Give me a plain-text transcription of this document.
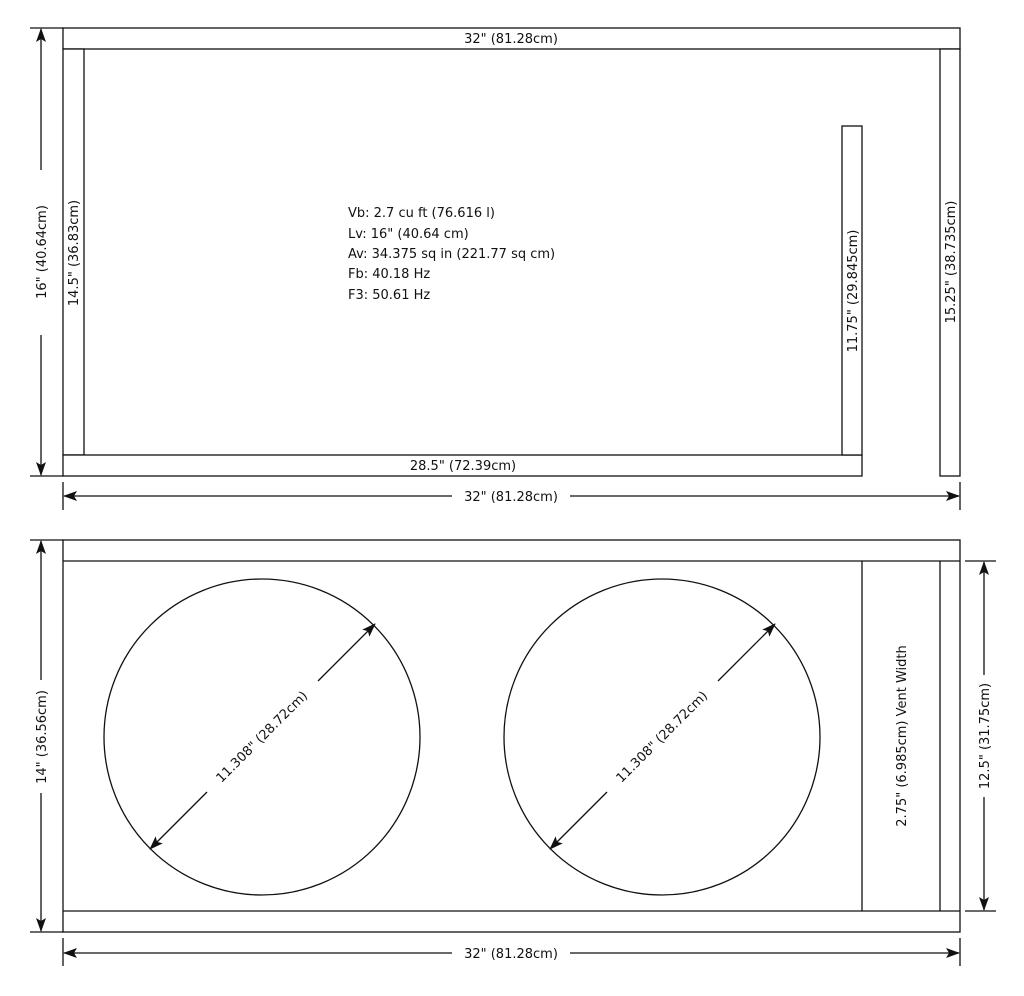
32" (81.28cm)
14.5" (36.83cm)
28.5" (72.39cm)
11.75" (29.845cm)	15.25" (38.735cm)
Vb: 2.7 cu ft (76.616 l)
Lv: 16" (40.64 cm)
Av: 34.375 sq in (221.77 sq cm)
Fb: 40.18 Hz
F3: 50.61 Hz
16" (40.64cm)
32" (81.28cm)
2.75" (6.985cm) Vent Width
11.308" (28.72cm)	11.308" (28.72cm)
14" (36.56cm)	12.5" (31.75cm)
32" (81.28cm)
